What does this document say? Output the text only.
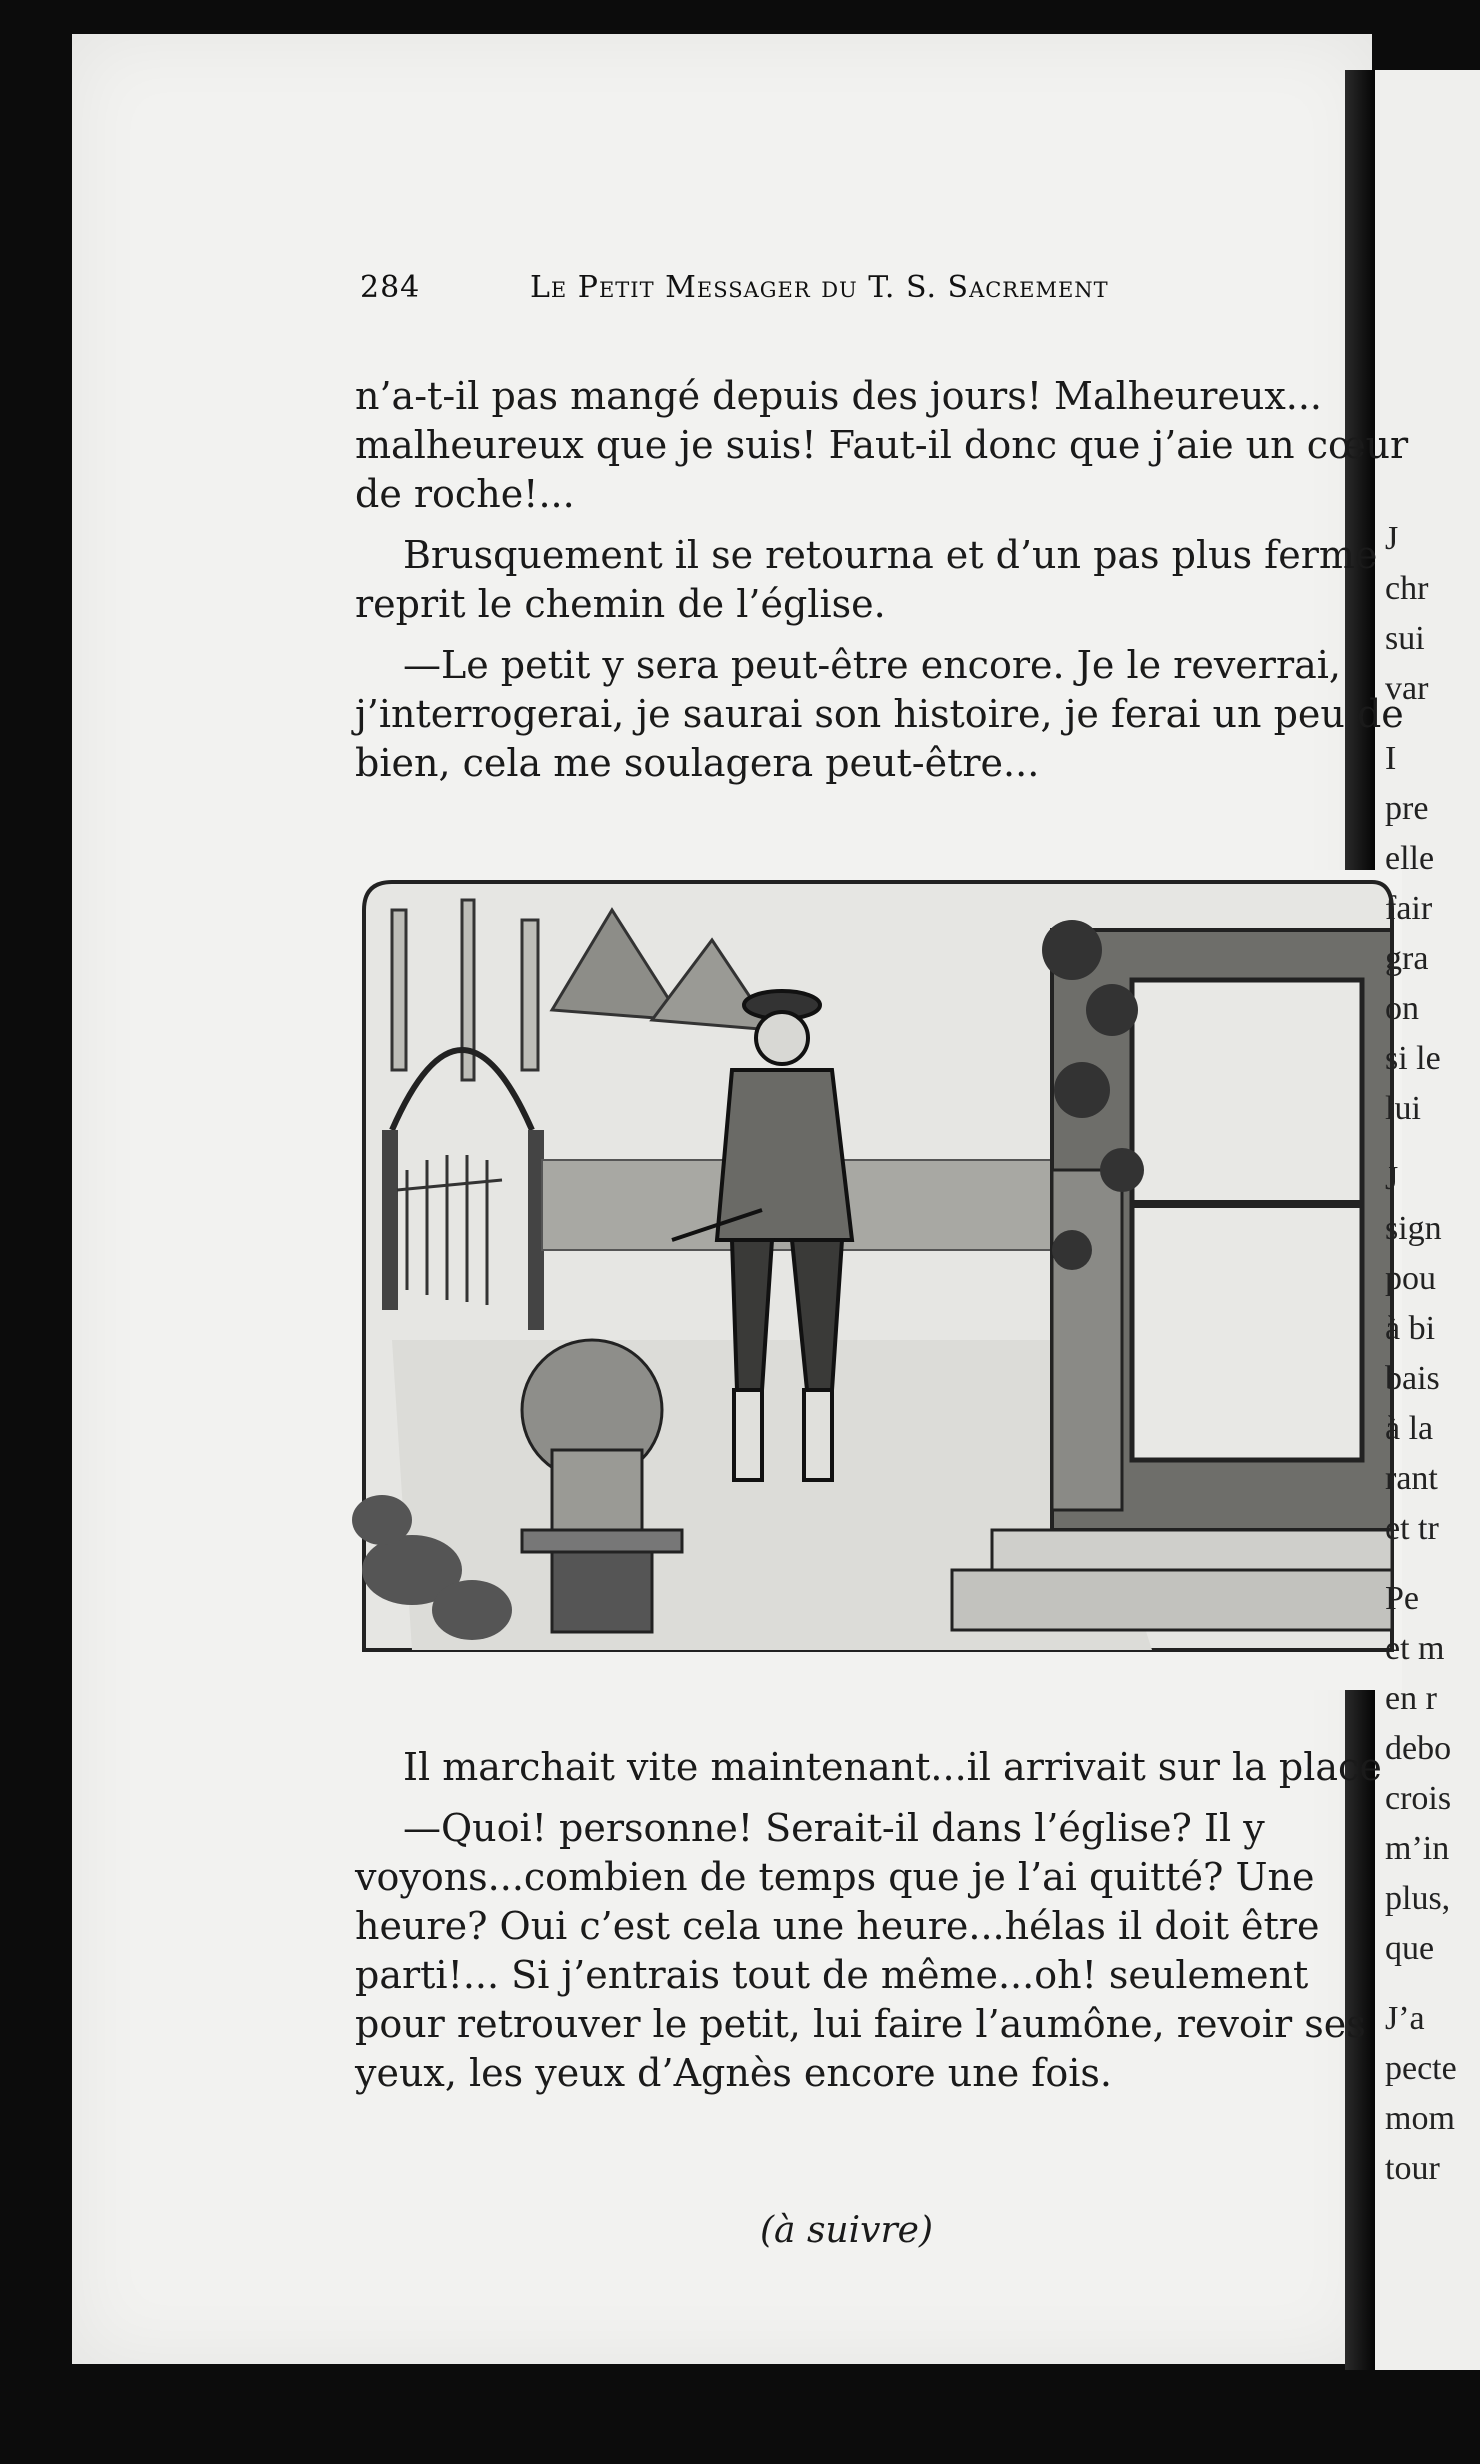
284	Le Petit Messager du T. S. Sacrement

n’a-t-il pas mangé depuis des jours! Malheureux...

malheureux que je suis! Faut-il donc que j’aie un cœur

de roche!...

Brusquement il se retourna et d’un pas plus ferme

reprit le chemin de l’église.

—Le petit y sera peut-être encore. Je le reverrai,

j’interrogerai, je saurai son histoire, je ferai un peu de

bien, cela me soulagera peut-être...

Il marchait vite maintenant...il arrivait sur la place

—Quoi! personne! Serait-il dans l’église? Il y

voyons...combien de temps que je l’ai quitté? Une

heure? Oui c’est cela une heure...hélas il doit être

parti!... Si j’entrais tout de même...oh! seulement

pour retrouver le petit, lui faire l’aumône, revoir ses

yeux, les yeux d’Agnès encore une fois.

(à suivre)
J
chr
sui
var
I
pre
elle
fair
gra
on
si le
lui
J
sign
pou
à bi
bais
à la
rant
et tr
Pe
et m
en r
debo
crois
m’in
plus,
que
J’a
pecte
mom
tour
